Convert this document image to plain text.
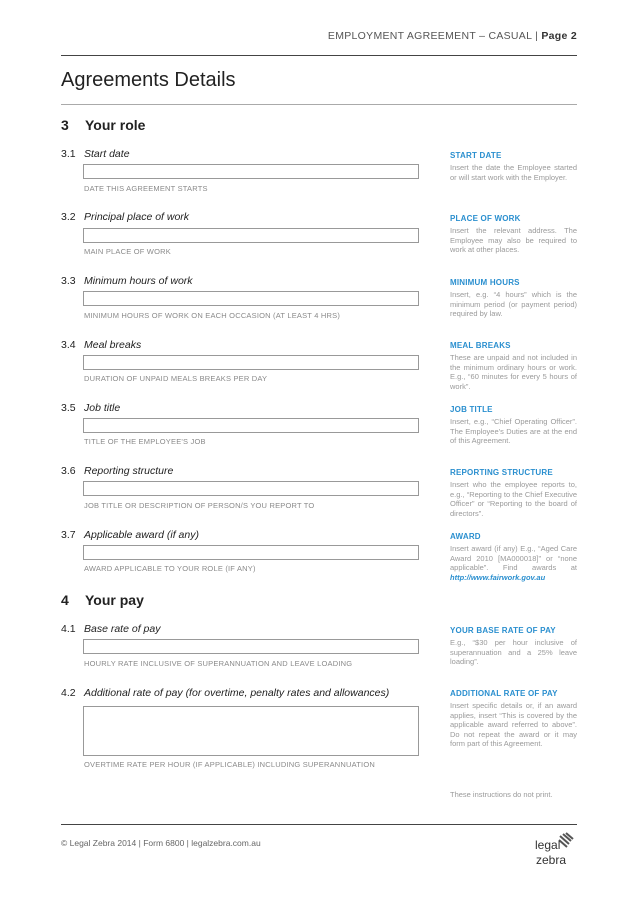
EMPLOYMENT AGREEMENT – CASUAL | Page 2
Agreements Details
3 Your role
3.1 Start date
DATE THIS AGREEMENT STARTS
START DATE
Insert the date the Employee started or will start work with the Employer.
3.2 Principal place of work
MAIN PLACE OF WORK
PLACE OF WORK
Insert the relevant address. The Employee may also be required to work at other places.
3.3 Minimum hours of work
MINIMUM HOURS OF WORK ON EACH OCCASION (AT LEAST 4 HRS)
MINIMUM HOURS
Insert, e.g. “4 hours” which is the minimum period (or payment period) required by law.
3.4 Meal breaks
DURATION OF UNPAID MEALS BREAKS PER DAY
MEAL BREAKS
These are unpaid and not included in the minimum ordinary hours or work. E.g., “60 minutes for every 5 hours of work”.
3.5 Job title
TITLE OF THE EMPLOYEE'S JOB
JOB TITLE
Insert, e.g., “Chief Operating Officer”. The Employee’s Duties are at the end of this Agreement.
3.6 Reporting structure
JOB TITLE OR DESCRIPTION OF PERSON/S YOU REPORT TO
REPORTING STRUCTURE
Insert who the employee reports to, e.g., “Reporting to the Chief Executive Officer” or “Reporting to the board of directors”.
3.7 Applicable award (if any)
AWARD APPLICABLE TO YOUR ROLE (IF ANY)
AWARD
Insert award (if any) E.g., “Aged Care Award 2010 [MA000018]” or “none applicable”. Find awards at http://www.fairwork.gov.au
4 Your pay
4.1 Base rate of pay
HOURLY RATE INCLUSIVE OF SUPERANNUATION AND LEAVE LOADING
YOUR BASE RATE OF PAY
E.g., “$30 per hour inclusive of superannuation and a 25% leave loading”.
4.2 Additional rate of pay (for overtime, penalty rates and allowances)
OVERTIME RATE PER HOUR (IF APPLICABLE) INCLUDING SUPERANNUATION
ADDITIONAL RATE OF PAY
Insert specific details or, if an award applies, insert “This is covered by the applicable award referred to above”. Do not repeat the award or it may form part of this Agreement.
These instructions do not print.
© Legal Zebra 2014 | Form 6800 | legalzebra.com.au	legal
zebra
